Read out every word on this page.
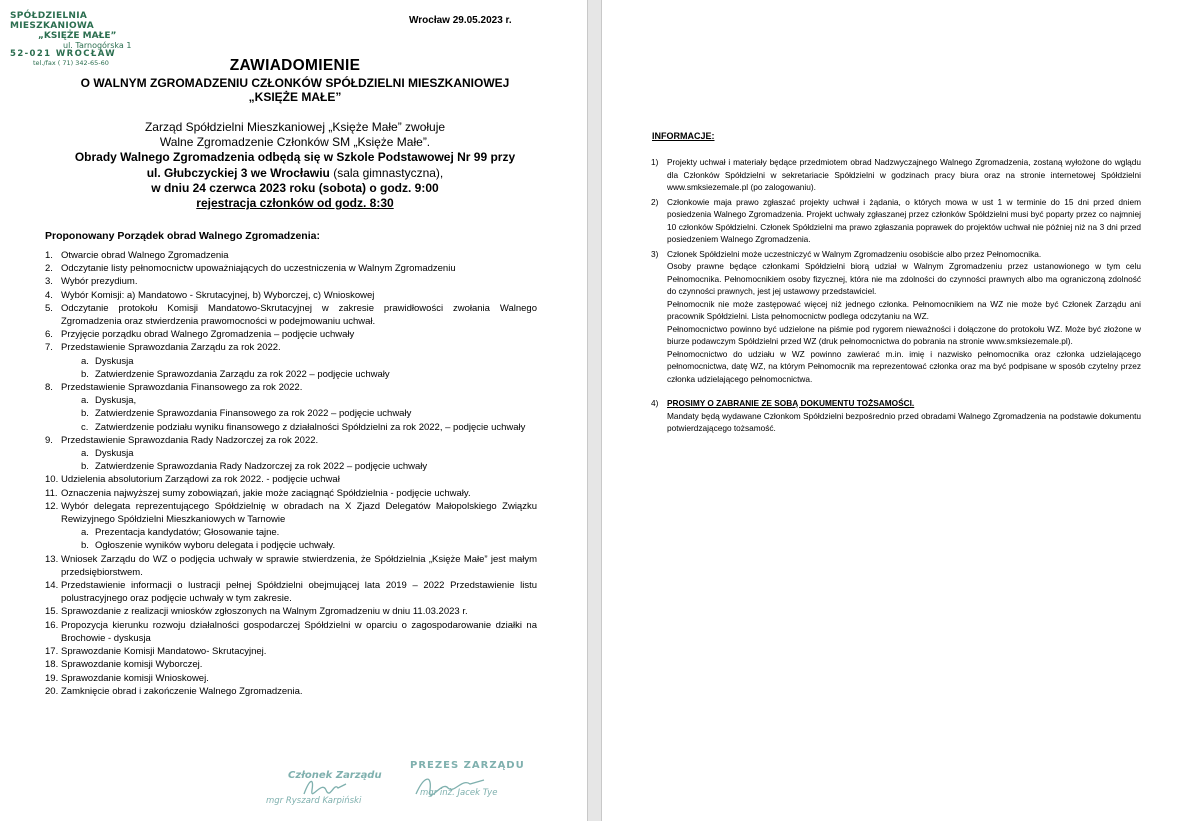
SPÓŁDZIELNIA MIESZKANIOWA
„KSIĘŻE MAŁE”
ul. Tarnogórska 1
52-021 WROCŁAW
tel./fax ( 71) 342-65-60
Wrocław 29.05.2023 r.
ZAWIADOMIENIE
O WALNYM ZGROMADZENIU CZŁONKÓW SPÓŁDZIELNI MIESZKANIOWEJ
„KSIĘŻE MAŁE”
Zarząd Spółdzielni Mieszkaniowej „Księże Małe” zwołuje
Walne Zgromadzenie Członków SM „Księże Małe”.
Obrady Walnego Zgromadzenia odbędą się w Szkole Podstawowej Nr 99 przy
ul. Głubczyckiej 3 we Wrocławiu (sala gimnastyczna),
w dniu 24 czerwca 2023 roku (sobota) o godz. 9:00
rejestracja członków od godz. 8:30
Proponowany Porządek obrad Walnego Zgromadzenia:
1. Otwarcie obrad Walnego Zgromadzenia
2. Odczytanie listy pełnomocnictw upoważniających do uczestniczenia w Walnym Zgromadzeniu
3. Wybór prezydium.
4. Wybór Komisji: a) Mandatowo - Skrutacyjnej, b) Wyborczej, c) Wnioskowej
5. Odczytanie protokołu Komisji Mandatowo-Skrutacyjnej w zakresie prawidłowości zwołania Walnego Zgromadzenia oraz stwierdzenia prawomocności w podejmowaniu uchwał.
6. Przyjęcie porządku obrad Walnego Zgromadzenia – podjęcie uchwały
7. Przedstawienie Sprawozdania Zarządu za rok 2022.
a. Dyskusja
b. Zatwierdzenie Sprawozdania Zarządu za rok 2022 – podjęcie uchwały
8. Przedstawienie Sprawozdania Finansowego za rok 2022.
a. Dyskusja,
b. Zatwierdzenie Sprawozdania Finansowego za rok 2022 – podjęcie uchwały
c. Zatwierdzenie podziału wyniku finansowego z działalności Spółdzielni za rok 2022, – podjęcie uchwały
9. Przedstawienie Sprawozdania Rady Nadzorczej za rok 2022.
a. Dyskusja
b. Zatwierdzenie Sprawozdania Rady Nadzorczej za rok 2022 – podjęcie uchwały
10. Udzielenia absolutorium Zarządowi za rok 2022. - podjęcie uchwał
11. Oznaczenia najwyższej sumy zobowiązań, jakie może zaciągnąć Spółdzielnia - podjęcie uchwały.
12. Wybór delegata reprezentującego Spółdzielnię w obradach na X Zjazd Delegatów Małopolskiego Związku Rewizyjnego Spółdzielni Mieszkaniowych w Tarnowie
a. Prezentacja kandydatów; Głosowanie tajne.
b. Ogłoszenie wyników wyboru delegata i podjęcie uchwały.
13. Wniosek Zarządu do WZ o podjęcia uchwały w sprawie stwierdzenia, że Spółdzielnia „Księże Małe” jest małym przedsiębiorstwem.
14. Przedstawienie informacji o lustracji pełnej Spółdzielni obejmującej lata 2019 – 2022 Przedstawienie listu polustracyjnego oraz podjęcie uchwały w tym zakresie.
15. Sprawozdanie z realizacji wniosków zgłoszonych na Walnym Zgromadzeniu w dniu 11.03.2023 r.
16. Propozycja kierunku rozwoju działalności gospodarczej Spółdzielni w oparciu o zagospodarowanie działki na Brochowie - dyskusja
17. Sprawozdanie Komisji Mandatowo- Skrutacyjnej.
18. Sprawozdanie komisji Wyborczej.
19. Sprawozdanie komisji Wnioskowej.
20. Zamknięcie obrad i zakończenie Walnego Zgromadzenia.
Członek Zarządu
mgr Ryszard Karpiński
PREZES ZARZĄDU
mgr inż. Jacek Tye
INFORMACJE:
1) Projekty uchwał i materiały będące przedmiotem obrad Nadzwyczajnego Walnego Zgromadzenia, zostaną wyłożone do wglądu dla Członków Spółdzielni w sekretariacie Spółdzielni w godzinach pracy biura oraz na stronie internetowej Spółdzielni www.smksiezemale.pl (po zalogowaniu).
2) Członkowie maja prawo zgłaszać projekty uchwał i żądania, o których mowa w ust 1 w terminie do 15 dni przed dniem posiedzenia Walnego Zgromadzenia. Projekt uchwały zgłaszanej przez członków Spółdzielni musi być poparty przez co najmniej 10 członków Spółdzielni. Członek Spółdzielni ma prawo zgłaszania poprawek do projektów uchwał nie później niż na 3 dni przed posiedzeniem Walnego Zgromadzenia.
3) Członek Spółdzielni może uczestniczyć w Walnym Zgromadzeniu osobiście albo przez Pełnomocnika.
Osoby prawne będące członkami Spółdzielni biorą udział w Walnym Zgromadzeniu przez ustanowionego w tym celu Pełnomocnika. Pełnomocnikiem osoby fizycznej, która nie ma zdolności do czynności prawnych albo ma ograniczoną zdolność do czynności prawnych, jest jej ustawowy przedstawiciel.
Pełnomocnik nie może zastępować więcej niż jednego członka. Pełnomocnikiem na WZ nie może być Członek Zarządu ani pracownik Spółdzielni. Lista pełnomocnictw podlega odczytaniu na WZ.
Pełnomocnictwo powinno być udzielone na piśmie pod rygorem nieważności i dołączone do protokołu WZ. Może być złożone w biurze podawczym Spółdzielni przed WZ (druk pełnomocnictwa do pobrania na stronie www.smksiezemale.pl).
Pełnomocnictwo do udziału w WZ powinno zawierać m.in. imię i nazwisko pełnomocnika oraz członka udzielającego pełnomocnictwa, datę WZ, na którym Pełnomocnik ma reprezentować członka oraz ma być podpisane w sposób czytelny przez członka udzielającego pełnomocnictwa.
4) PROSIMY O ZABRANIE ZE SOBĄ DOKUMENTU TOŻSAMOŚCI.
Mandaty będą wydawane Członkom Spółdzielni bezpośrednio przed obradami Walnego Zgromadzenia na podstawie dokumentu potwierdzającego tożsamość.
